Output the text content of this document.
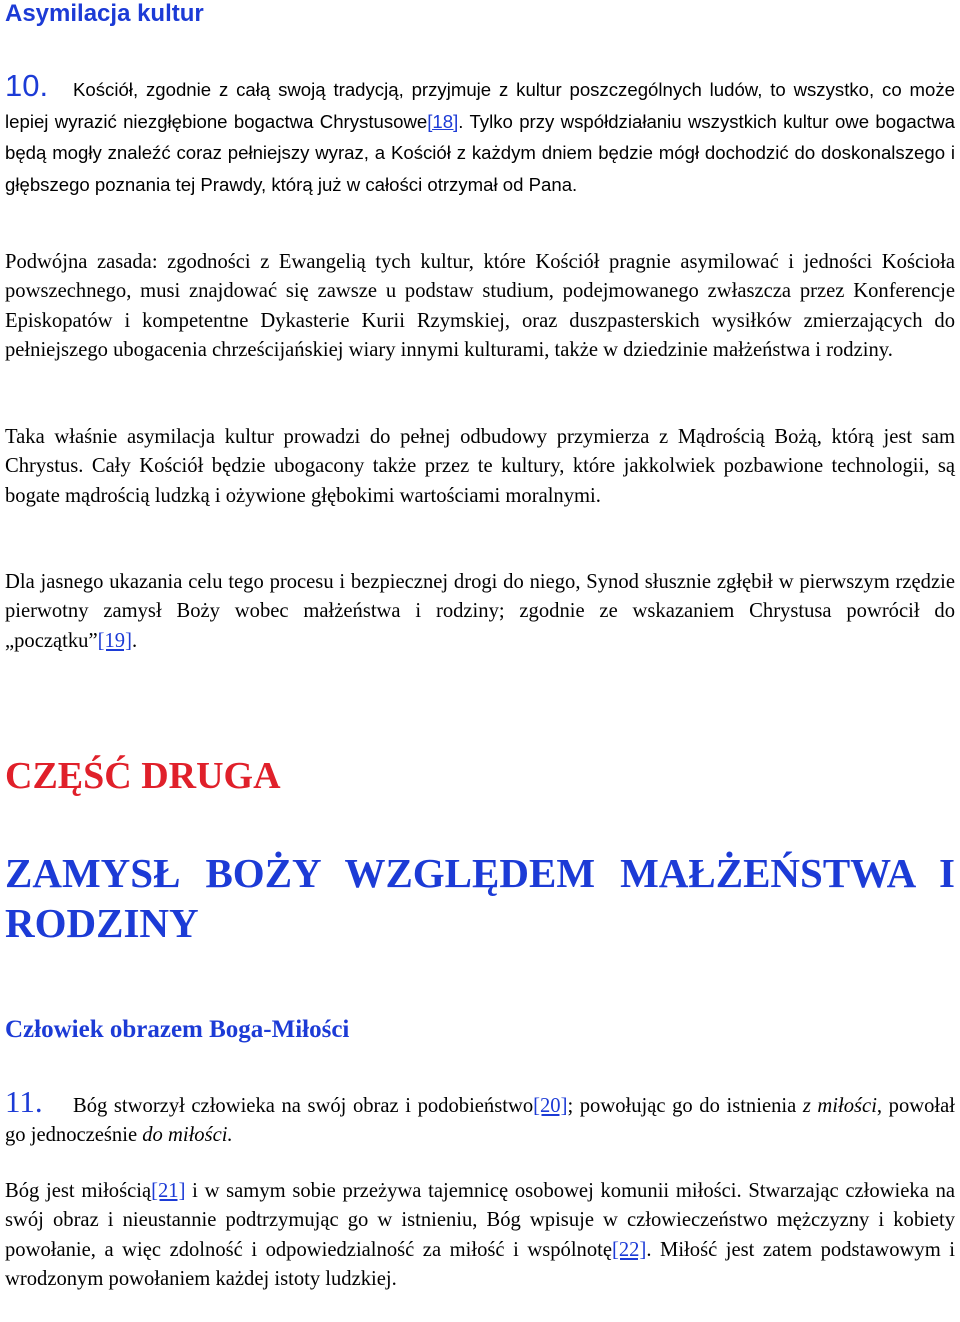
Asymilacja kultur

10. Kościół, zgodnie z całą swoją tradycją, przyjmuje z kultur poszczególnych ludów, to wszystko, co może lepiej wyrazić niezgłębione bogactwa Chrystusowe[18]. Tylko przy współdziałaniu wszystkich kultur owe bogactwa będą mogły znaleźć coraz pełniejszy wyraz, a Kościół z każdym dniem będzie mógł dochodzić do doskonalszego i głębszego poznania tej Prawdy, którą już w całości otrzymał od Pana.

Podwójna zasada: zgodności z Ewangelią tych kultur, które Kościół pragnie asymilować i jedności Kościoła powszechnego, musi znajdować się zawsze u podstaw studium, podejmowanego zwłaszcza przez Konferencje Episkopatów i kompetentne Dykasterie Kurii Rzymskiej, oraz duszpasterskich wysiłków zmierzających do pełniejszego ubogacenia chrześcijańskiej wiary innymi kulturami, także w dziedzinie małżeństwa i rodziny.

Taka właśnie asymilacja kultur prowadzi do pełnej odbudowy przymierza z Mądrością Bożą, którą jest sam Chrystus. Cały Kościół będzie ubogacony także przez te kultury, które jakkolwiek pozbawione technologii, są bogate mądrością ludzką i ożywione głębokimi wartościami moralnymi.

Dla jasnego ukazania celu tego procesu i bezpiecznej drogi do niego, Synod słusznie zgłębił w pierwszym rzędzie pierwotny zamysł Boży wobec małżeństwa i rodziny; zgodnie ze wskazaniem Chrystusa powrócił do „początku”[19].

CZĘŚĆ DRUGA
ZAMYSŁ BOŻY WZGLĘDEM MAŁŻEŃSTWA I RODZINY
Człowiek obrazem Boga-Miłości

11. Bóg stworzył człowieka na swój obraz i podobieństwo[20]; powołując go do istnienia z miłości, powołał go jednocześnie do miłości.

Bóg jest miłością[21] i w samym sobie przeżywa tajemnicę osobowej komunii miłości. Stwarzając człowieka na swój obraz i nieustannie podtrzymując go w istnieniu, Bóg wpisuje w człowieczeństwo mężczyzny i kobiety powołanie, a więc zdolność i odpowiedzialność za miłość i wspólnotę[22]. Miłość jest zatem podstawowym i wrodzonym powołaniem każdej istoty ludzkiej.
